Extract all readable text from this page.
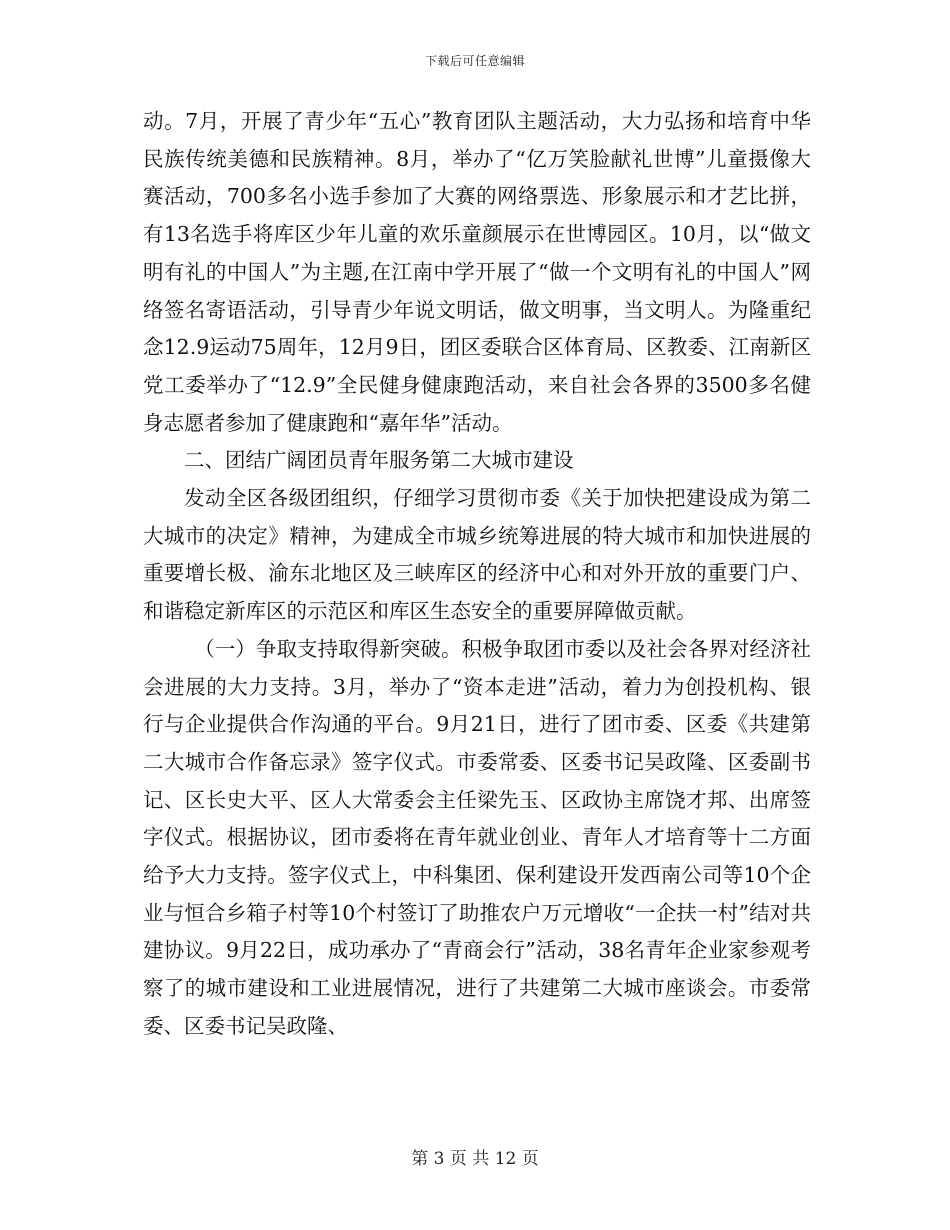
下载后可任意编辑

动。7月，开展了青少年“五心”教育团队主题活动，大力弘扬和培育中华民族传统美德和民族精神。8月，举办了“亿万笑脸献礼世博”儿童摄像大赛活动，700多名小选手参加了大赛的网络票选、形象展示和才艺比拼，有13名选手将库区少年儿童的欢乐童颜展示在世博园区。10月，以“做文明有礼的中国人”为主题,在江南中学开展了“做一个文明有礼的中国人”网络签名寄语活动，引导青少年说文明话，做文明事，当文明人。为隆重纪念12.9运动75周年，12月9日，团区委联合区体育局、区教委、江南新区党工委举办了“12.9”全民健身健康跑活动，来自社会各界的3500多名健身志愿者参加了健康跑和“嘉年华”活动。

二、团结广阔团员青年服务第二大城市建设

发动全区各级团组织，仔细学习贯彻市委《关于加快把建设成为第二大城市的决定》精神，为建成全市城乡统筹进展的特大城市和加快进展的重要增长极、渝东北地区及三峡库区的经济中心和对外开放的重要门户、和谐稳定新库区的示范区和库区生态安全的重要屏障做贡献。

（一）争取支持取得新突破。积极争取团市委以及社会各界对经济社会进展的大力支持。3月，举办了“资本走进”活动，着力为创投机构、银行与企业提供合作沟通的平台。9月21日，进行了团市委、区委《共建第二大城市合作备忘录》签字仪式。市委常委、区委书记吴政隆、区委副书记、区长史大平、区人大常委会主任梁先玉、区政协主席饶才邦、出席签字仪式。根据协议，团市委将在青年就业创业、青年人才培育等十二方面给予大力支持。签字仪式上，中科集团、保利建设开发西南公司等10个企业与恒合乡箱子村等10个村签订了助推农户万元增收“一企扶一村”结对共建协议。9月22日，成功承办了“青商会行”活动，38名青年企业家参观考察了的城市建设和工业进展情况，进行了共建第二大城市座谈会。市委常委、区委书记吴政隆、

第 3 页 共 12 页
